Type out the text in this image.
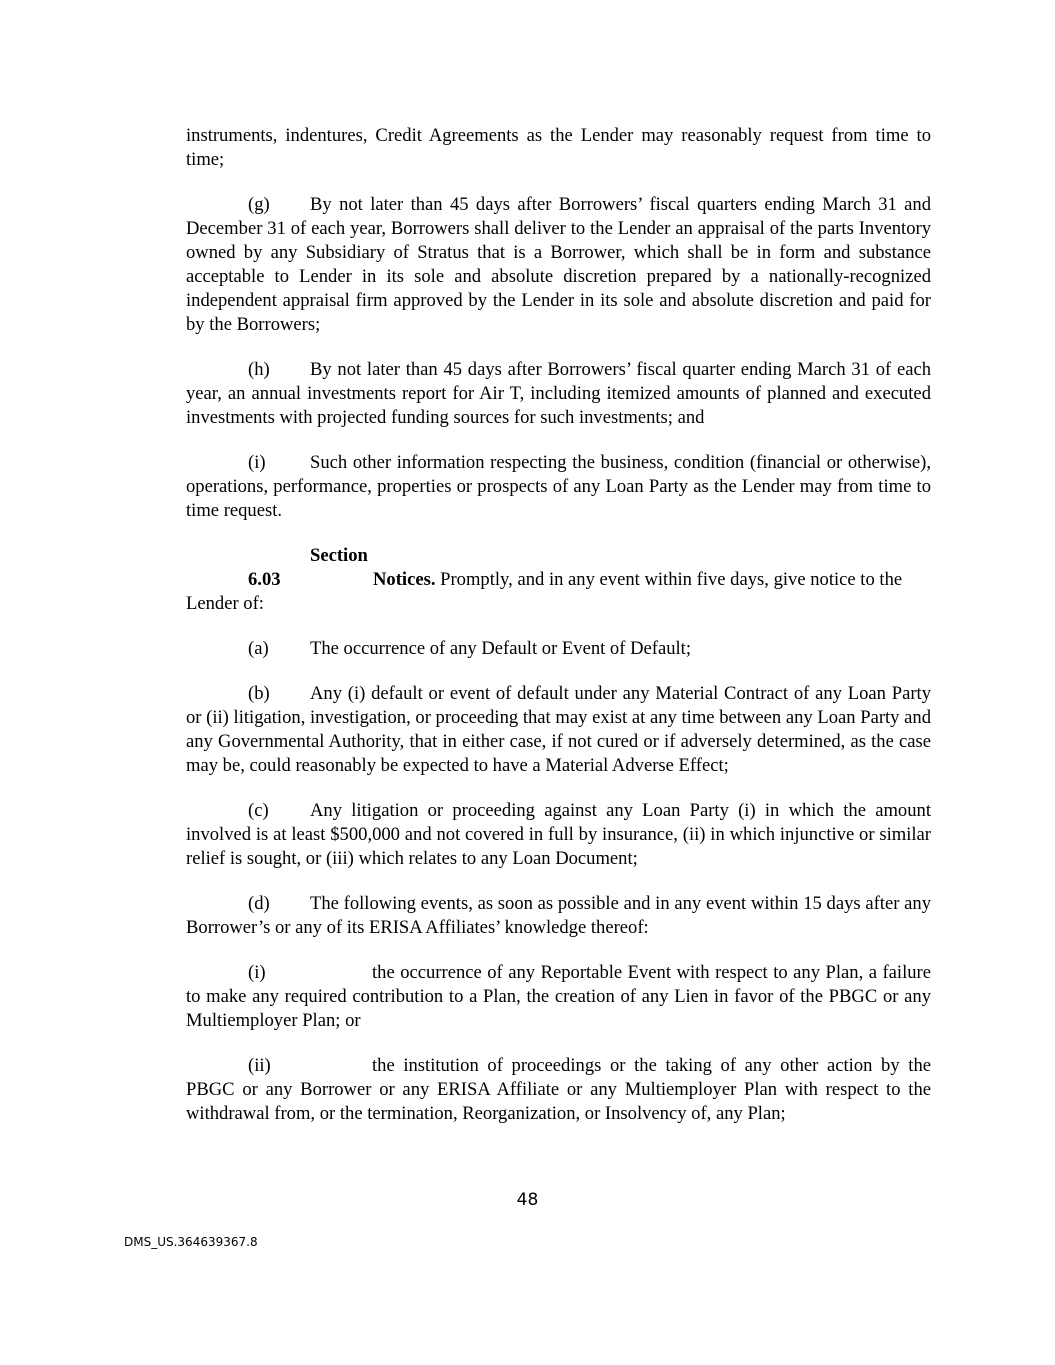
instruments, indentures, Credit Agreements as the Lender may reasonably request from time to time;

(g) By not later than 45 days after Borrowers’ fiscal quarters ending March 31 and December 31 of each year, Borrowers shall deliver to the Lender an appraisal of the parts Inventory owned by any Subsidiary of Stratus that is a Borrower, which shall be in form and substance acceptable to Lender in its sole and absolute discretion prepared by a nationally-recognized independent appraisal firm approved by the Lender in its sole and absolute discretion and paid for by the Borrowers;

(h) By not later than 45 days after Borrowers’ fiscal quarter ending March 31 of each year, an annual investments report for Air T, including itemized amounts of planned and executed investments with projected funding sources for such investments; and

(i) Such other information respecting the business, condition (financial or otherwise), operations, performance, properties or prospects of any Loan Party as the Lender may from time to time request.

Section 6.03	Notices. Promptly, and in any event within five days, give notice to the Lender of:

(a) The occurrence of any Default or Event of Default;

(b) Any (i) default or event of default under any Material Contract of any Loan Party or (ii) litigation, investigation, or proceeding that may exist at any time between any Loan Party and any Governmental Authority, that in either case, if not cured or if adversely determined, as the case may be, could reasonably be expected to have a Material Adverse Effect;

(c) Any litigation or proceeding against any Loan Party (i) in which the amount involved is at least $500,000 and not covered in full by insurance, (ii) in which injunctive or similar relief is sought, or (iii) which relates to any Loan Document;

(d) The following events, as soon as possible and in any event within 15 days after any Borrower’s or any of its ERISA Affiliates’ knowledge thereof:

(i)	the occurrence of any Reportable Event with respect to any Plan, a failure to make any required contribution to a Plan, the creation of any Lien in favor of the PBGC or any Multiemployer Plan; or

(ii)	the institution of proceedings or the taking of any other action by the PBGC or any Borrower or any ERISA Affiliate or any Multiemployer Plan with respect to the withdrawal from, or the termination, Reorganization, or Insolvency of, any Plan;

48
DMS_US.364639367.8
